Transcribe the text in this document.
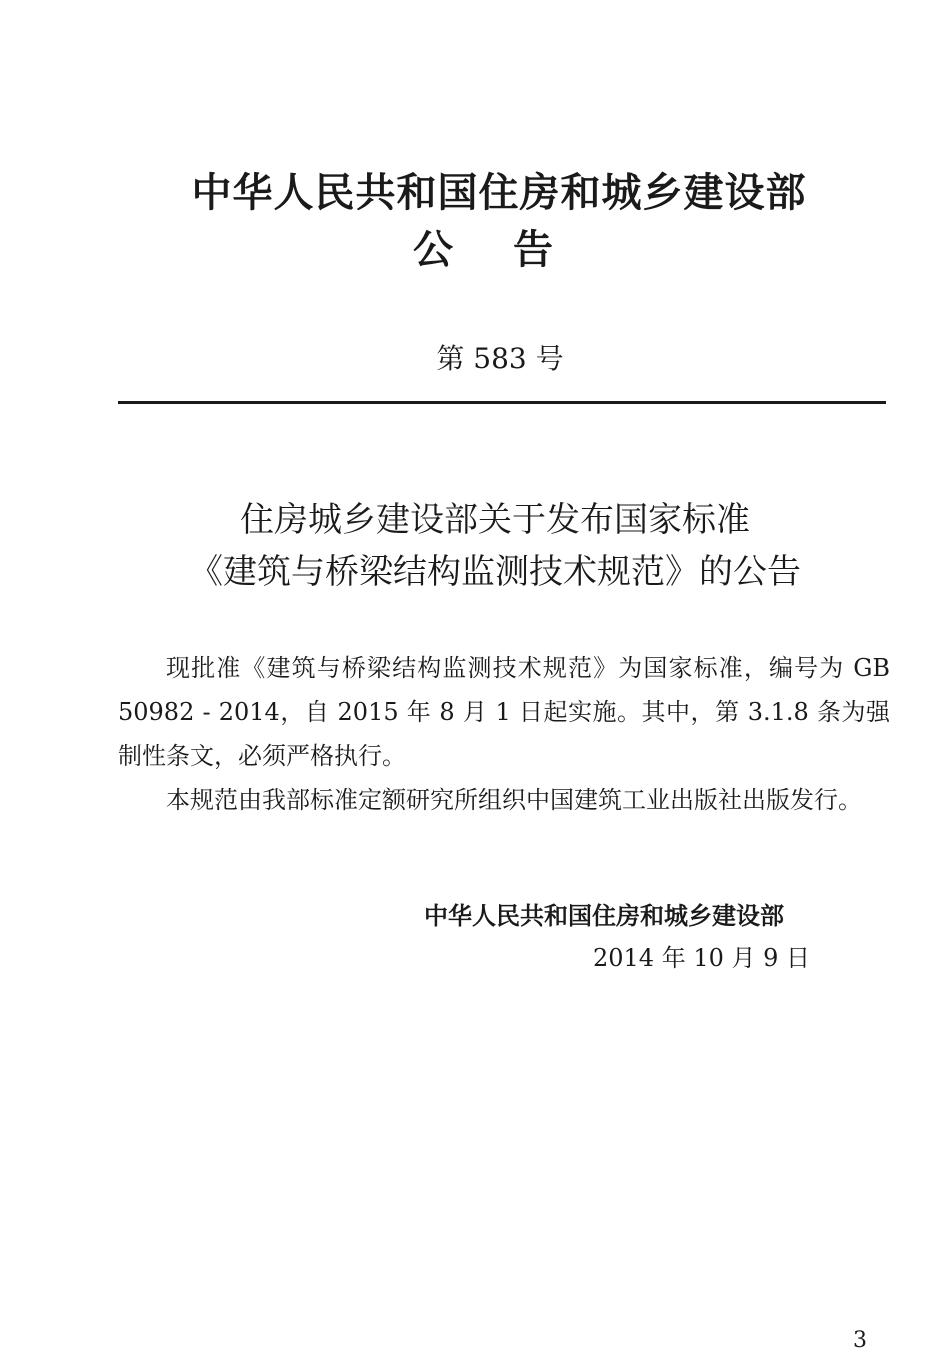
中华人民共和国住房和城乡建设部
公告
第 583 号
住房城乡建设部关于发布国家标准
《建筑与桥梁结构监测技术规范》的公告

现批准《建筑与桥梁结构监测技术规范》为国家标准，编号为 GB 50982 - 2014，自 2015 年 8 月 1 日起实施。其中，第 3.1.8 条为强制性条文，必须严格执行。

本规范由我部标准定额研究所组织中国建筑工业出版社出版发行。

中华人民共和国住房和城乡建设部
2014 年 10 月 9 日
3
